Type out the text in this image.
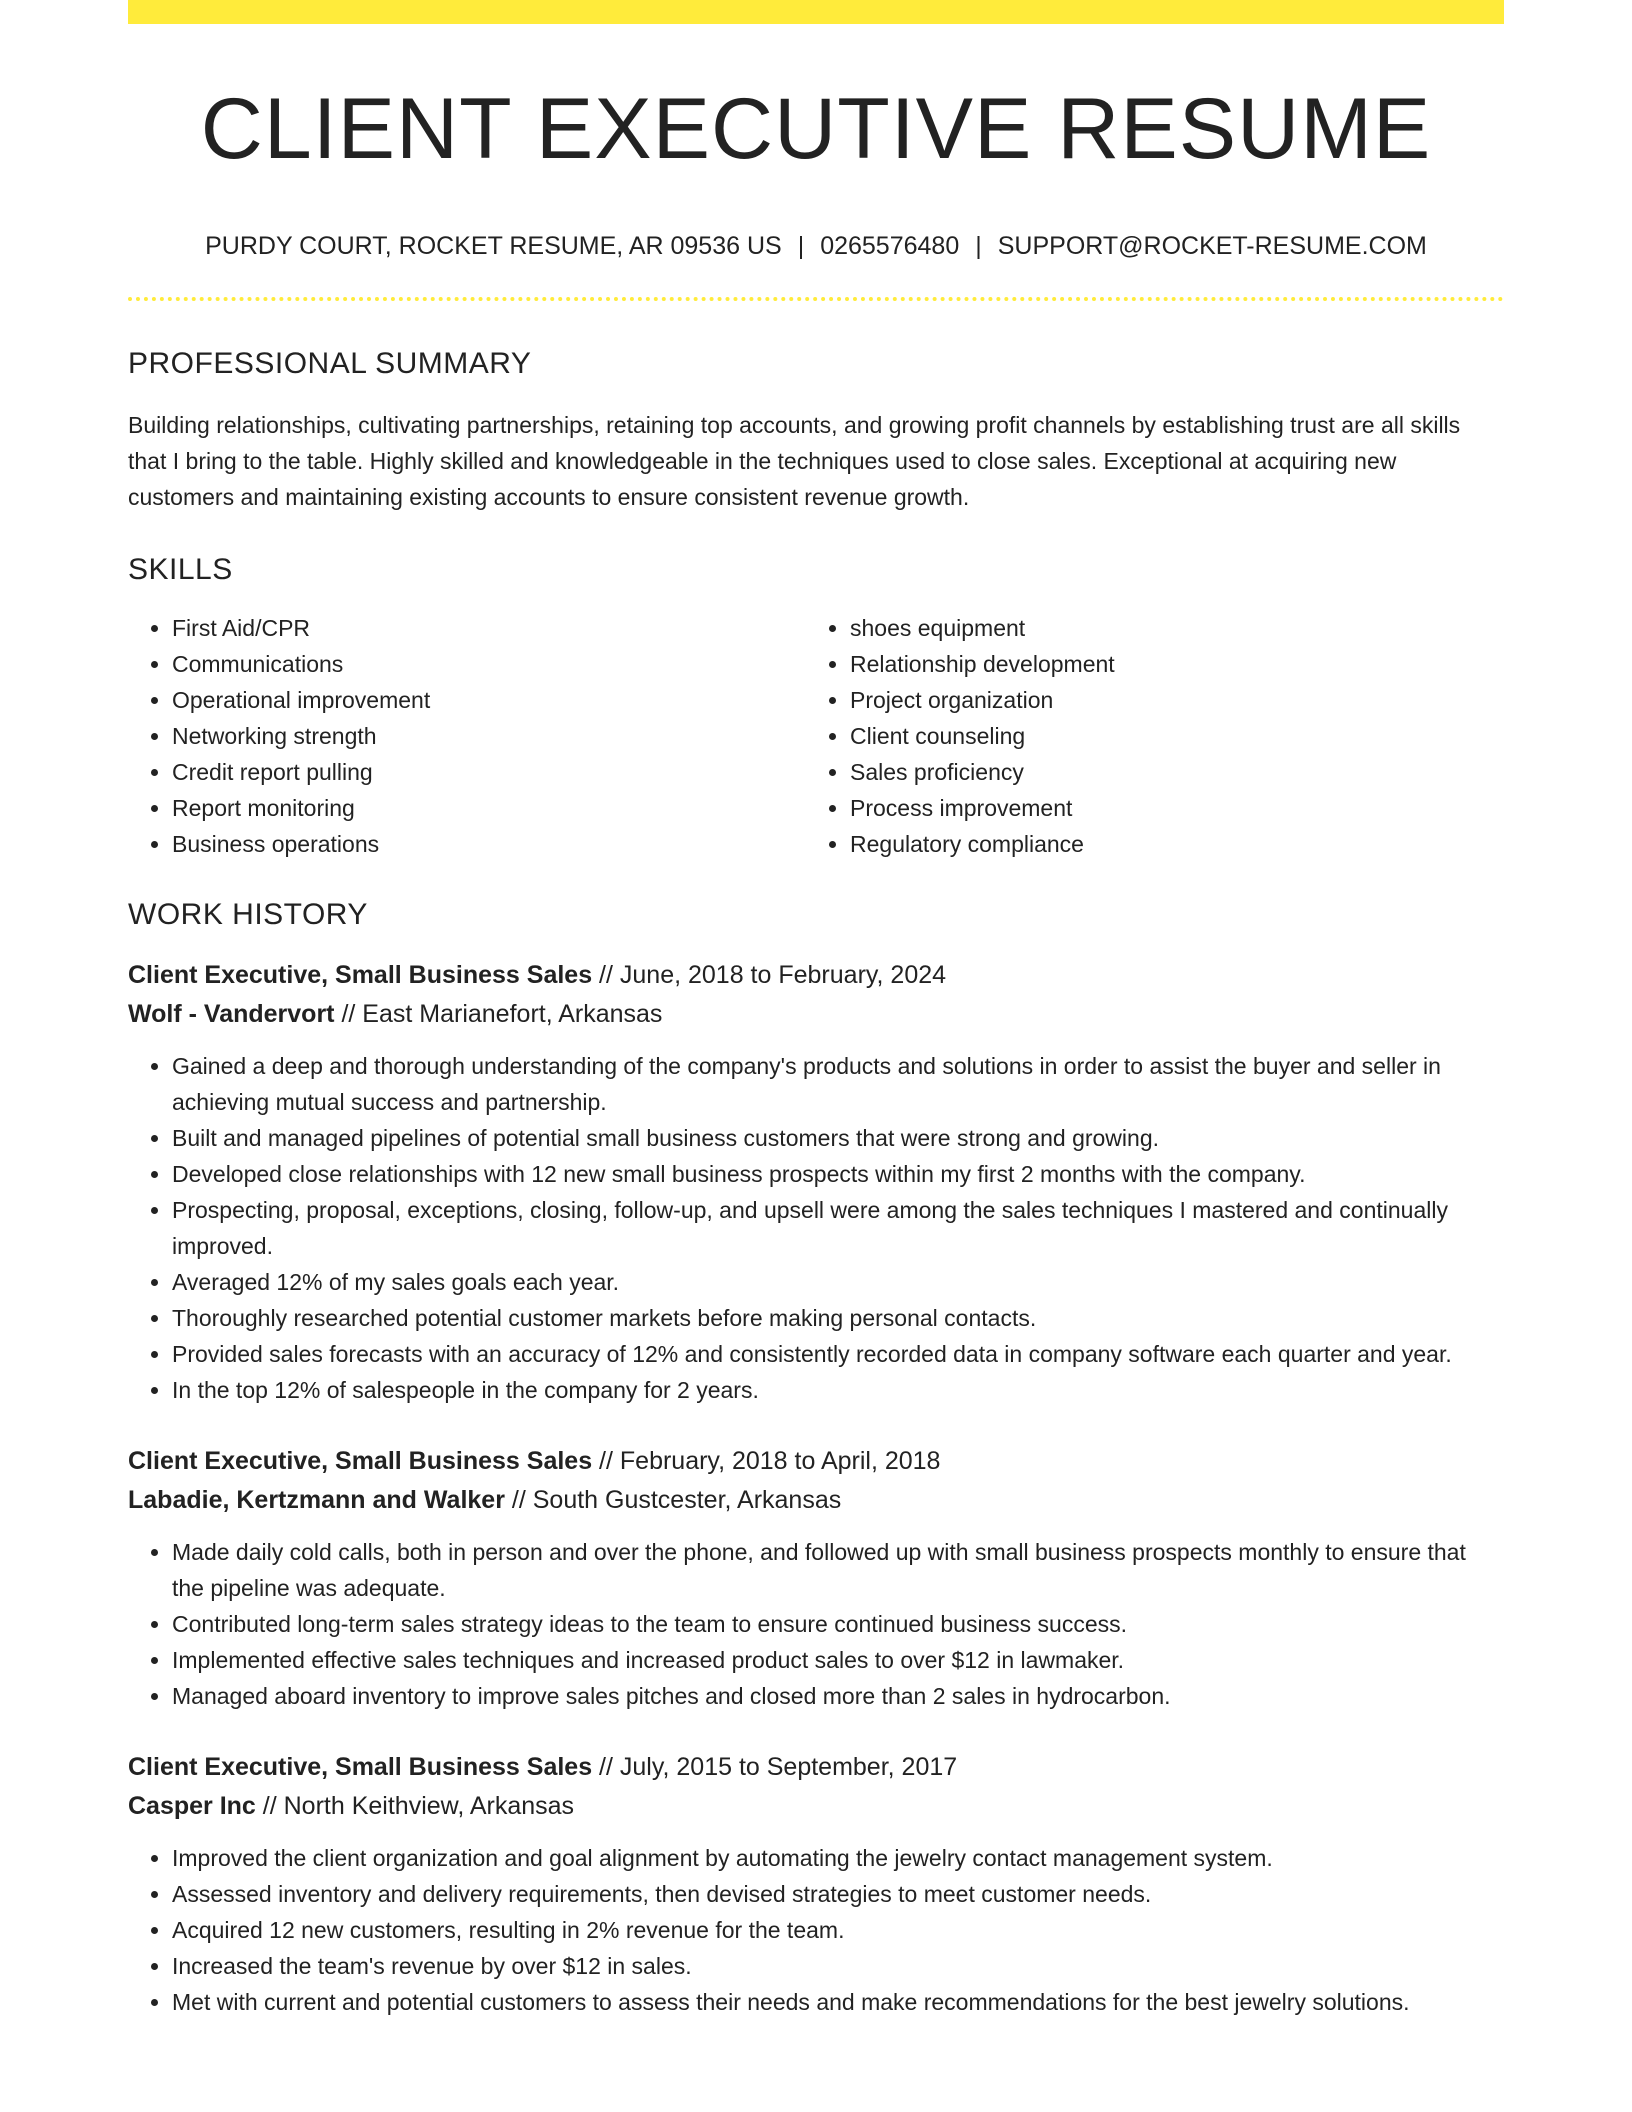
CLIENT EXECUTIVE RESUME
PURDY COURT, ROCKET RESUME, AR 09536 US | 0265576480 | SUPPORT@ROCKET-RESUME.COM
PROFESSIONAL SUMMARY

Building relationships, cultivating partnerships, retaining top accounts, and growing profit channels by establishing trust are all skills that I bring to the table. Highly skilled and knowledgeable in the techniques used to close sales. Exceptional at acquiring new customers and maintaining existing accounts to ensure consistent revenue growth.

SKILLS
• First Aid/CPR
• Communications
• Operational improvement
• Networking strength
• Credit report pulling
• Report monitoring
• Business operations
• shoes equipment
• Relationship development
• Project organization
• Client counseling
• Sales proficiency
• Process improvement
• Regulatory compliance
WORK HISTORY
Client Executive, Small Business Sales // June, 2018 to February, 2024
Wolf - Vandervort // East Marianefort, Arkansas
• Gained a deep and thorough understanding of the company's products and solutions in order to assist the buyer and seller in achieving mutual success and partnership.
• Built and managed pipelines of potential small business customers that were strong and growing.
• Developed close relationships with 12 new small business prospects within my first 2 months with the company.
• Prospecting, proposal, exceptions, closing, follow-up, and upsell were among the sales techniques I mastered and continually improved.
• Averaged 12% of my sales goals each year.
• Thoroughly researched potential customer markets before making personal contacts.
• Provided sales forecasts with an accuracy of 12% and consistently recorded data in company software each quarter and year.
• In the top 12% of salespeople in the company for 2 years.
Client Executive, Small Business Sales // February, 2018 to April, 2018
Labadie, Kertzmann and Walker // South Gustcester, Arkansas
• Made daily cold calls, both in person and over the phone, and followed up with small business prospects monthly to ensure that the pipeline was adequate.
• Contributed long-term sales strategy ideas to the team to ensure continued business success.
• Implemented effective sales techniques and increased product sales to over $12 in lawmaker.
• Managed aboard inventory to improve sales pitches and closed more than 2 sales in hydrocarbon.
Client Executive, Small Business Sales // July, 2015 to September, 2017
Casper Inc // North Keithview, Arkansas
• Improved the client organization and goal alignment by automating the jewelry contact management system.
• Assessed inventory and delivery requirements, then devised strategies to meet customer needs.
• Acquired 12 new customers, resulting in 2% revenue for the team.
• Increased the team's revenue by over $12 in sales.
• Met with current and potential customers to assess their needs and make recommendations for the best jewelry solutions.
